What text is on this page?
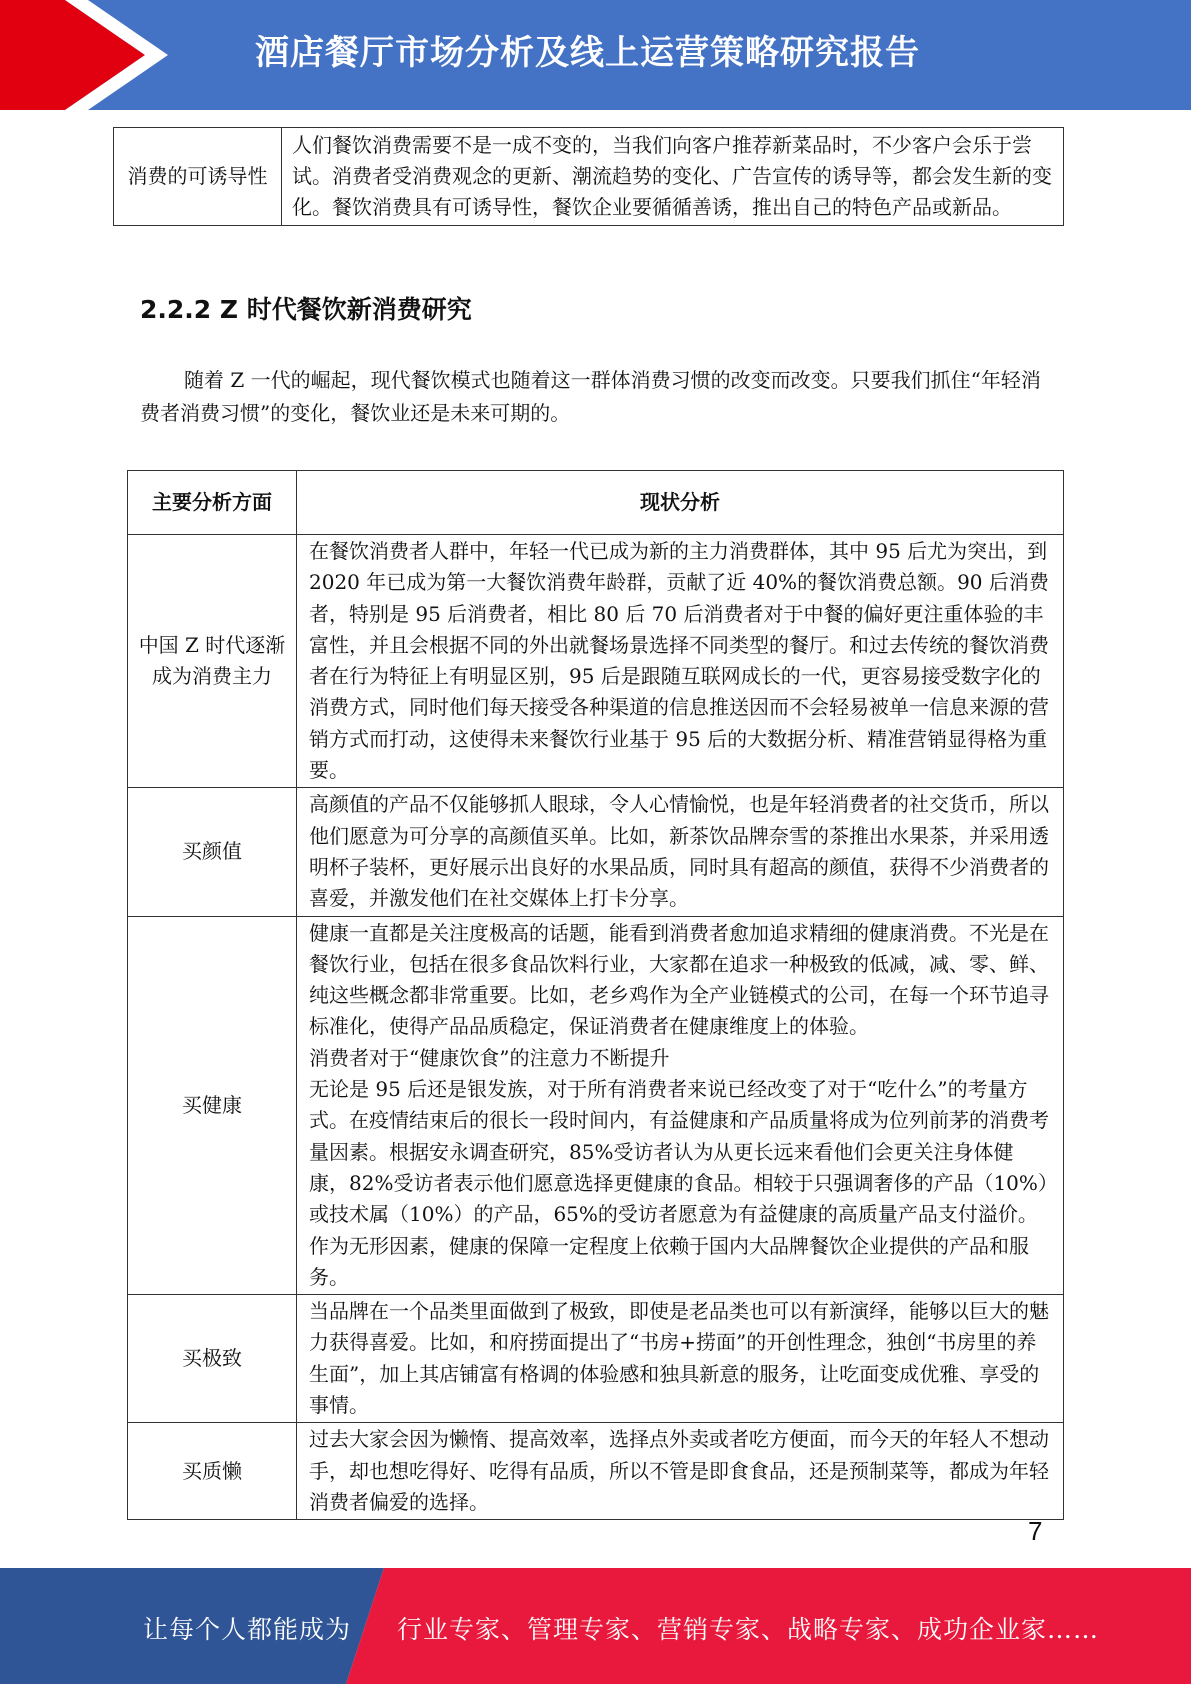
酒店餐厅市场分析及线上运营策略研究报告
消费的可诱导性	人们餐饮消费需要不是一成不变的，当我们向客户推荐新菜品时，不少客户会乐于尝试。消费者受消费观念的更新、潮流趋势的变化、广告宣传的诱导等，都会发生新的变化。餐饮消费具有可诱导性，餐饮企业要循循善诱，推出自己的特色产品或新品。
2.2.2 Z 时代餐饮新消费研究
随着 Z 一代的崛起，现代餐饮模式也随着这一群体消费习惯的改变而改变。只要我们抓住“年轻消费者消费习惯”的变化，餐饮业还是未来可期的。
主要分析方面	现状分析
中国 Z 时代逐渐成为消费主力	在餐饮消费者人群中，年轻一代已成为新的主力消费群体，其中 95 后尤为突出，到 2020 年已成为第一大餐饮消费年龄群，贡献了近 40%的餐饮消费总额。90 后消费者，特别是 95 后消费者，相比 80 后 70 后消费者对于中餐的偏好更注重体验的丰富性，并且会根据不同的外出就餐场景选择不同类型的餐厅。和过去传统的餐饮消费者在行为特征上有明显区别，95 后是跟随互联网成长的一代，更容易接受数字化的消费方式，同时他们每天接受各种渠道的信息推送因而不会轻易被单一信息来源的营销方式而打动，这使得未来餐饮行业基于 95 后的大数据分析、精准营销显得格为重要。
买颜值	高颜值的产品不仅能够抓人眼球，令人心情愉悦，也是年轻消费者的社交货币，所以他们愿意为可分享的高颜值买单。比如，新茶饮品牌奈雪的茶推出水果茶，并采用透明杯子装杯，更好展示出良好的水果品质，同时具有超高的颜值，获得不少消费者的喜爱，并激发他们在社交媒体上打卡分享。
买健康	健康一直都是关注度极高的话题，能看到消费者愈加追求精细的健康消费。不光是在餐饮行业，包括在很多食品饮料行业，大家都在追求一种极致的低减，减、零、鲜、纯这些概念都非常重要。比如，老乡鸡作为全产业链模式的公司，在每一个环节追寻标准化，使得产品品质稳定，保证消费者在健康维度上的体验。
消费者对于“健康饮食”的注意力不断提升
无论是 95 后还是银发族，对于所有消费者来说已经改变了对于“吃什么”的考量方式。在疫情结束后的很长一段时间内，有益健康和产品质量将成为位列前茅的消费考量因素。根据安永调查研究，85%受访者认为从更长远来看他们会更关注身体健康，82%受访者表示他们愿意选择更健康的食品。相较于只强调奢侈的产品（10%）或技术属（10%）的产品，65%的受访者愿意为有益健康的高质量产品支付溢价。作为无形因素，健康的保障一定程度上依赖于国内大品牌餐饮企业提供的产品和服务。

买极致	当品牌在一个品类里面做到了极致，即使是老品类也可以有新演绎，能够以巨大的魅力获得喜爱。比如，和府捞面提出了“书房+捞面”的开创性理念，独创“书房里的养生面”，加上其店铺富有格调的体验感和独具新意的服务，让吃面变成优雅、享受的事情。
买质懒	过去大家会因为懒惰、提高效率，选择点外卖或者吃方便面，而今天的年轻人不想动手，却也想吃得好、吃得有品质，所以不管是即食食品，还是预制菜等，都成为年轻消费者偏爱的选择。
7
让每个人都能成为 行业专家、管理专家、营销专家、战略专家、成功企业家……
